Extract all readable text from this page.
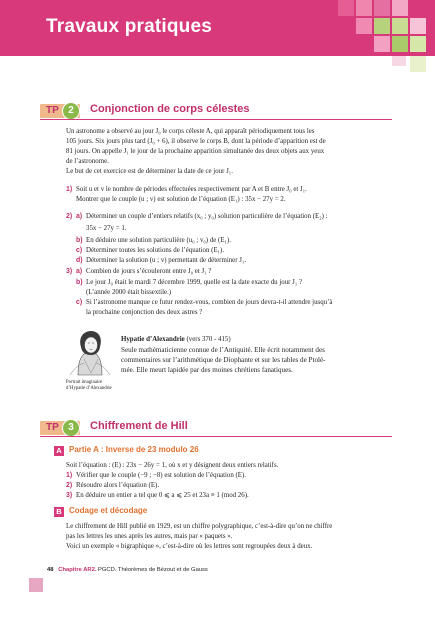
Travaux pratiques
TP 2	Conjonction de corps célestes
Un astronome a observé au jour J₀ le corps céleste A, qui apparaît périodiquement tous les
105 jours. Six jours plus tard (J₀ + 6), il observe le corps B, dont la période d’apparition est de
81 jours. On appelle J₁ le jour de la prochaine apparition simultanée des deux objets aux yeux
de l’astronome.
Le but de cet exercice est de déterminer la date de ce jour J₁.
1) Soit u et v le nombre de périodes effectuées respectivement par A et B entre J₀ et J₁.
Montrer que le couple (u ; v) est solution de l’équation (E₁) : 35x − 27y = 2.
2) a) Déterminer un couple d’entiers relatifs (x₀ ; y₀) solution particulière de l’équation (E₂) :
35x − 27y = 1.
b) En déduire une solution particulière (u₀ ; v₀) de (E₁).
c) Déterminer toutes les solutions de l’équation (E₁).
d) Déterminer la solution (u ; v) permettant de déterminer J₁.
3) a) Combien de jours s’écouleront entre J₀ et J₁ ?
b) Le jour J₀ était le mardi 7 décembre 1999, quelle est la date exacte du jour J₁ ?
(L’année 2000 était bissextile.)
c) Si l’astronome manque ce futur rendez-vous, combien de jours devra-t-il attendre jusqu’à
la prochaine conjonction des deux astres ?
Portrait imaginaire
d’Hypatie d’Alexandrie
Hypatie d’Alexandrie (vers 370 - 415)
Seule mathématicienne connue de l’Antiquité. Elle écrit notamment des
commentaires sur l’arithmétique de Diophante et sur les tables de Ptolé-
mée. Elle meurt lapidée par des moines chrétiens fanatiques.
TP 3	Chiffrement de Hill
A Partie A : Inverse de 23 modulo 26
Soit l’équation : (E) : 23x − 26y = 1, où x et y désignent deux entiers relatifs.
1) Vérifier que le couple (−9 ; −8) est solution de l’équation (E).
2) Résoudre alors l’équation (E).
3) En déduire un entier a tel que 0 ⩽ a ⩽ 25 et 23a ≡ 1 (mod 26).
B Codage et décodage
Le chiffrement de Hill publié en 1929, est un chiffre polygraphique, c’est-à-dire qu’on ne chiffre
pas les lettres les unes après les autres, mais par « paquets ».
Voici un exemple « bigraphique », c’est-à-dire où les lettres sont regroupées deux à deux.
48 Chapitre AR2. PGCD. Théorèmes de Bézout et de Gauss
